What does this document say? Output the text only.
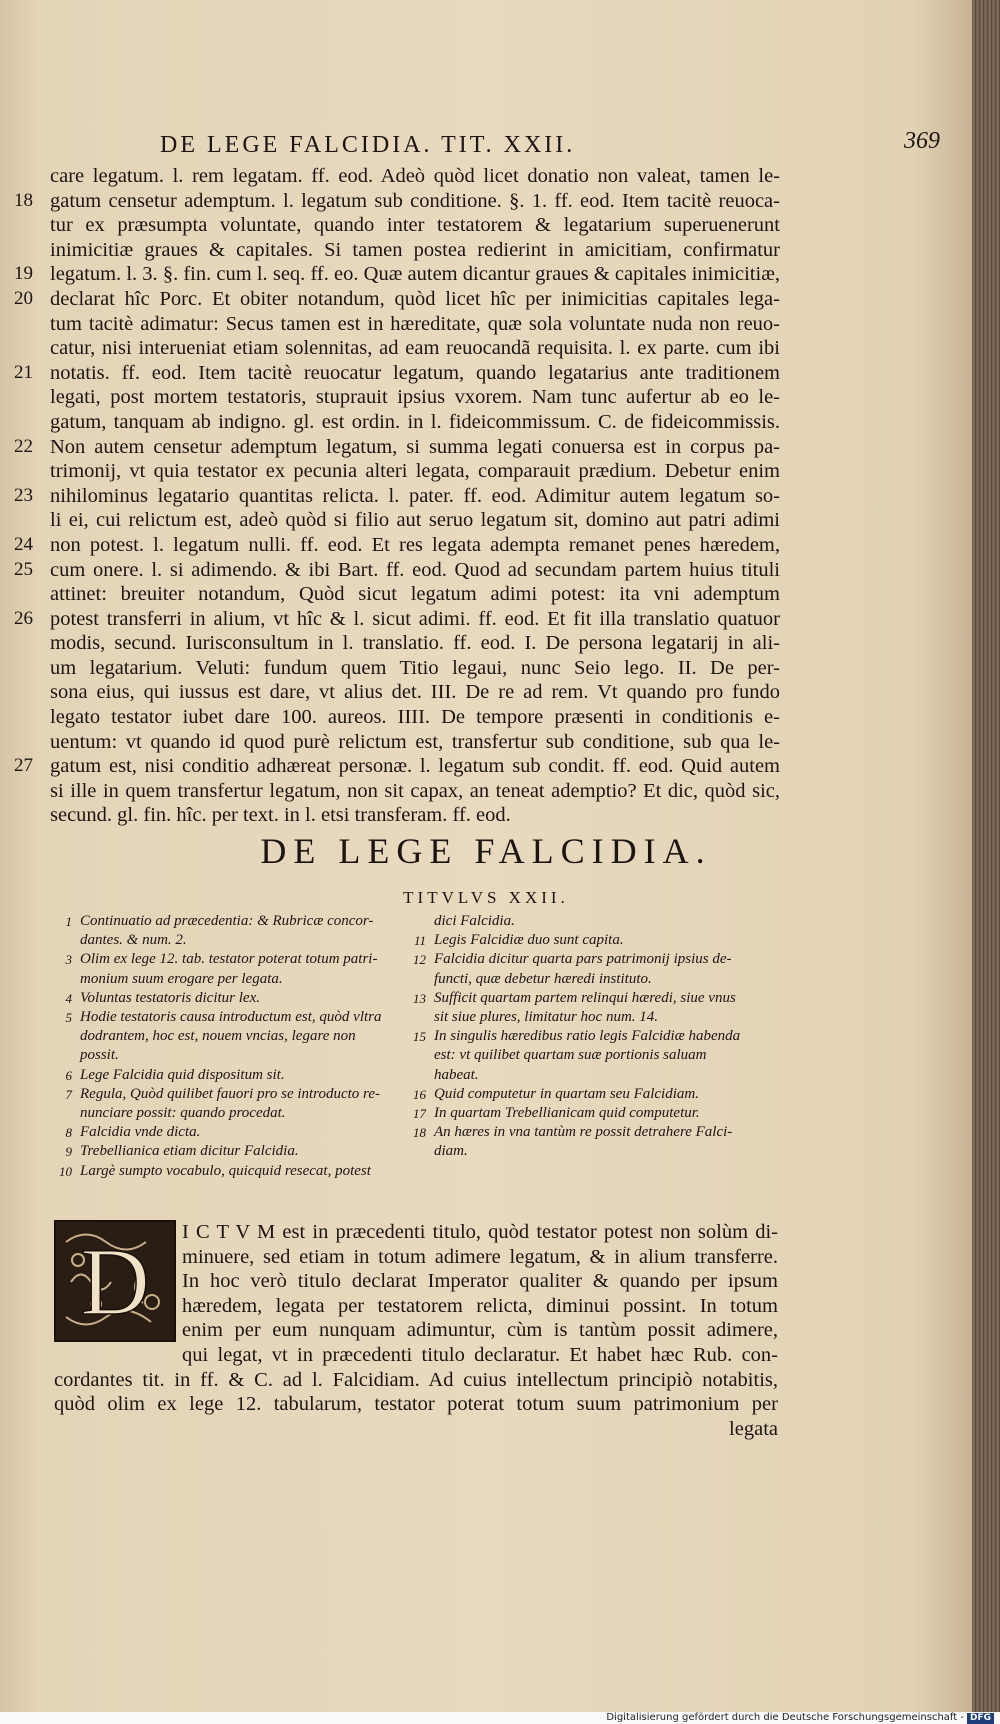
DE LEGE FALCIDIA. TIT. XXII.	369
care legatum. l. rem legatam. ff. eod. Adeò quòd licet donatio non valeat, tamen le-
18 gatum censetur ademptum. l. legatum sub conditione. §. 1. ff. eod. Item tacitè reuoca-
tur ex præsumpta voluntate, quando inter testatorem & legatarium superuenerunt
inimicitiæ graues & capitales. Si tamen postea redierint in amicitiam, confirmatur
19 legatum. l. 3. §. fin. cum l. seq. ff. eo. Quæ autem dicantur graues & capitales inimicitiæ,
20 declarat hîc Porc. Et obiter notandum, quòd licet hîc per inimicitias capitales lega-
tum tacitè adimatur: Secus tamen est in hæreditate, quæ sola voluntate nuda non reuo-
catur, nisi interueniat etiam solennitas, ad eam reuocandã requisita. l. ex parte. cum ibi
21 notatis. ff. eod. Item tacitè reuocatur legatum, quando legatarius ante traditionem
legati, post mortem testatoris, stuprauit ipsius vxorem. Nam tunc aufertur ab eo le-
gatum, tanquam ab indigno. gl. est ordin. in l. fideicommissum. C. de fideicommissis.
22 Non autem censetur ademptum legatum, si summa legati conuersa est in corpus pa-
trimonij, vt quia testator ex pecunia alteri legata, comparauit prædium. Debetur enim
23 nihilominus legatario quantitas relicta. l. pater. ff. eod. Adimitur autem legatum so-
li ei, cui relictum est, adeò quòd si filio aut seruo legatum sit, domino aut patri adimi
24 non potest. l. legatum nulli. ff. eod. Et res legata adempta remanet penes hæredem,
25 cum onere. l. si adimendo. & ibi Bart. ff. eod. Quod ad secundam partem huius tituli
attinet: breuiter notandum, Quòd sicut legatum adimi potest: ita vni ademptum
26 potest transferri in alium, vt hîc & l. sicut adimi. ff. eod. Et fit illa translatio quatuor
modis, secund. Iurisconsultum in l. translatio. ff. eod. I. De persona legatarij in ali-
um legatarium. Veluti: fundum quem Titio legaui, nunc Seio lego. II. De per-
sona eius, qui iussus est dare, vt alius det. III. De re ad rem. Vt quando pro fundo
legato testator iubet dare 100. aureos. IIII. De tempore præsenti in conditionis e-
uentum: vt quando id quod purè relictum est, transfertur sub conditione, sub qua le-
27 gatum est, nisi conditio adhæreat personæ. l. legatum sub condit. ff. eod. Quid autem
si ille in quem transfertur legatum, non sit capax, an teneat ademptio? Et dic, quòd sic,
secund. gl. fin. hîc. per text. in l. etsi transferam. ff. eod.
DE LEGE FALCIDIA.
TITVLVS XXII.
1 Continuatio ad præcedentia: & Rubricæ concor-
dantes. & num. 2.
3 Olim ex lege 12. tab. testator poterat totum patri-
monium suum erogare per legata.
4 Voluntas testatoris dicitur lex.
5 Hodie testatoris causa introductum est, quòd vltra
dodrantem, hoc est, nouem vncias, legare non
possit.
6 Lege Falcidia quid dispositum sit.
7 Regula, Quòd quilibet fauori pro se introducto re-
nunciare possit: quando procedat.
8 Falcidia vnde dicta.
9 Trebellianica etiam dicitur Falcidia.
10 Largè sumpto vocabulo, quicquid resecat, potest
dici Falcidia.
11 Legis Falcidiæ duo sunt capita.
12 Falcidia dicitur quarta pars patrimonij ipsius de-
functi, quæ debetur hæredi instituto.
13 Sufficit quartam partem relinqui hæredi, siue vnus
sit siue plures, limitatur hoc num. 14.
15 In singulis hæredibus ratio legis Falcidiæ habenda
est: vt quilibet quartam suæ portionis saluam
habeat.
16 Quid computetur in quartam seu Falcidiam.
17 In quartam Trebellianicam quid computetur.
18 An hæres in vna tantùm re possit detrahere Falci-
diam.
I C T V M est in præcedenti titulo, quòd testator potest non solùm di-
minuere, sed etiam in totum adimere legatum, & in alium transferre.
In hoc verò titulo declarat Imperator qualiter & quando per ipsum
hæredem, legata per testatorem relicta, diminui possint. In totum
enim per eum nunquam adimuntur, cùm is tantùm possit adimere,
qui legat, vt in præcedenti titulo declaratur. Et habet hæc Rub. con-
cordantes tit. in ff. & C. ad l. Falcidiam. Ad cuius intellectum principiò notabitis,
quòd olim ex lege 12. tabularum, testator poterat totum suum patrimonium per
legata
D
Digitalisierung gefördert durch die Deutsche Forschungsgemeinschaft - DFG
